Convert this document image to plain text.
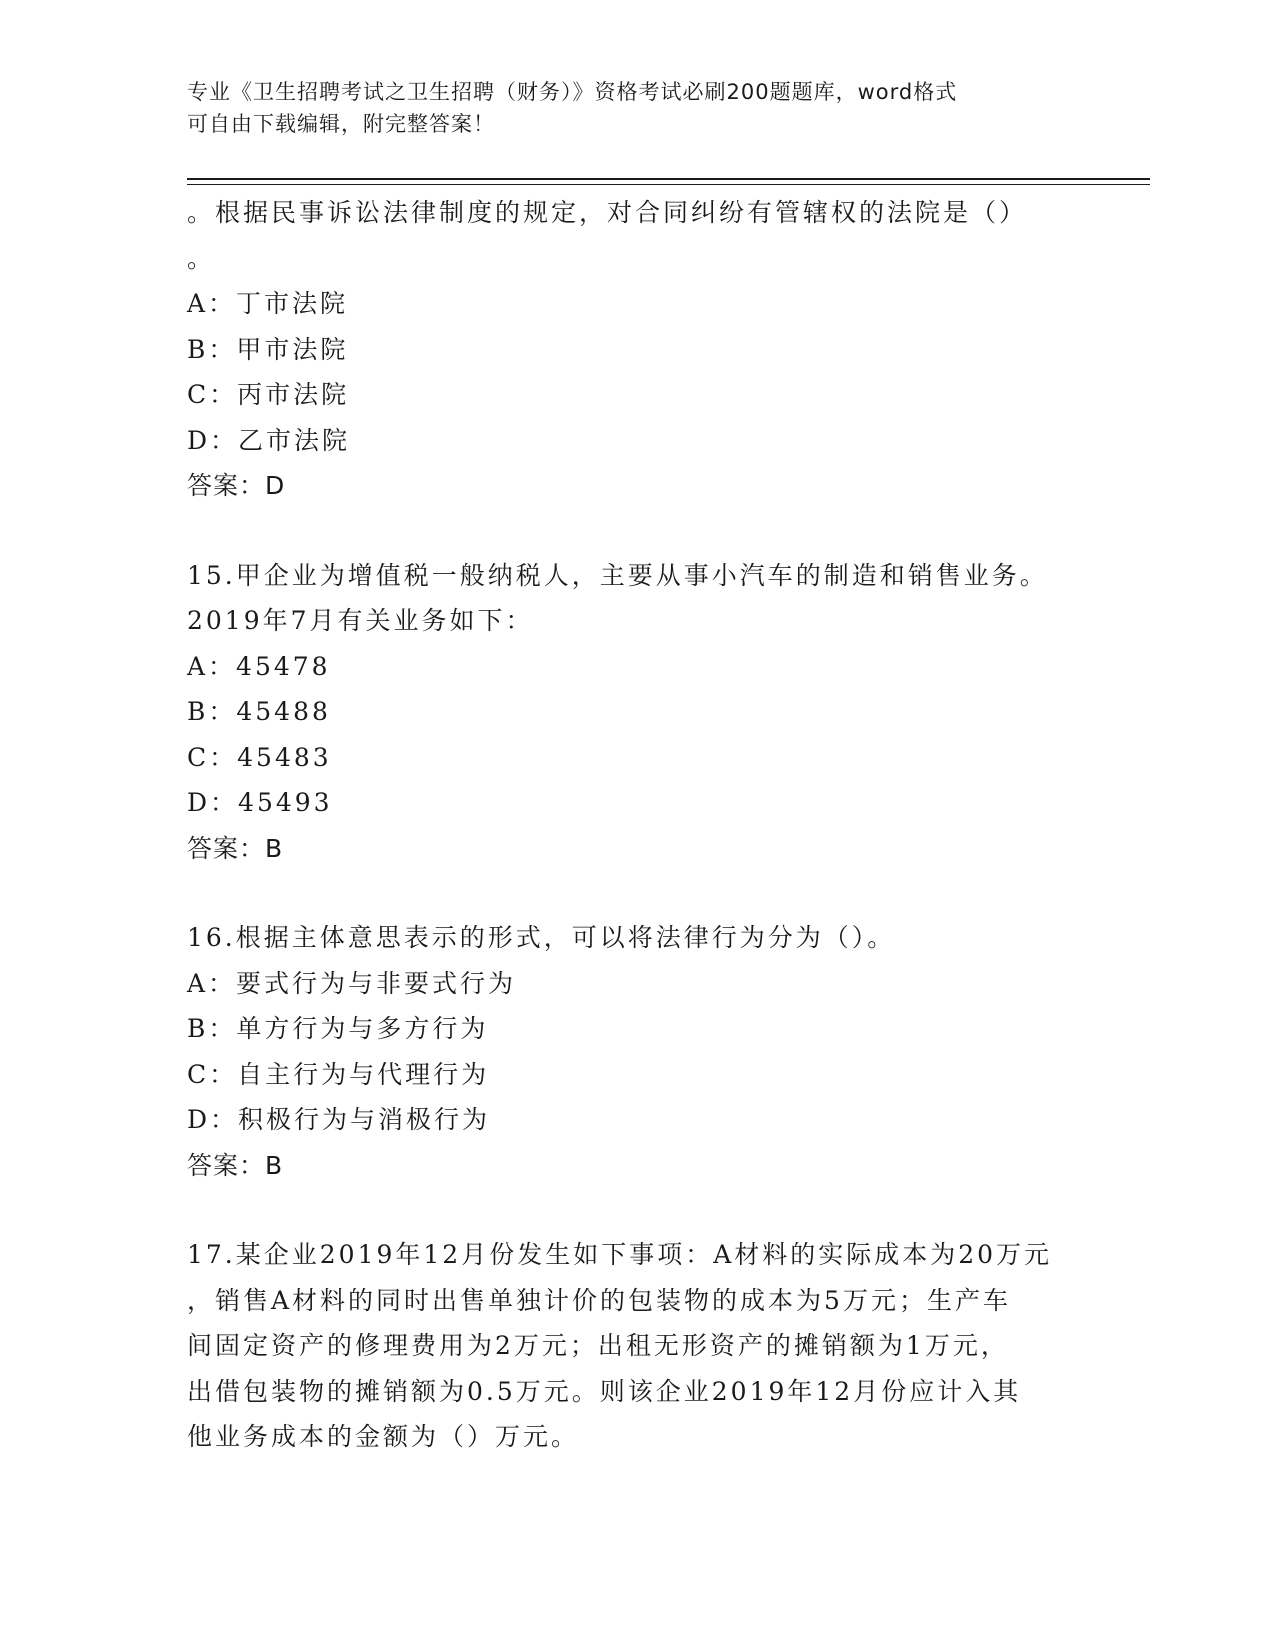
专业《卫生招聘考试之卫生招聘（财务）》资格考试必刷200题题库，word格式
可自由下载编辑，附完整答案！
。根据民事诉讼法律制度的规定，对合同纠纷有管辖权的法院是（）
。
A：丁市法院
B：甲市法院
C：丙市法院
D：乙市法院
答案：D
15.甲企业为增值税一般纳税人，主要从事小汽车的制造和销售业务。
2019年7月有关业务如下：
A：45478
B：45488
C：45483
D：45493
答案：B
16.根据主体意思表示的形式，可以将法律行为分为（）。
A：要式行为与非要式行为
B：单方行为与多方行为
C：自主行为与代理行为
D：积极行为与消极行为
答案：B
17.某企业2019年12月份发生如下事项：A材料的实际成本为20万元
，销售A材料的同时出售单独计价的包装物的成本为5万元；生产车
间固定资产的修理费用为2万元；出租无形资产的摊销额为1万元，
出借包装物的摊销额为0.5万元。则该企业2019年12月份应计入其
他业务成本的金额为（）万元。
